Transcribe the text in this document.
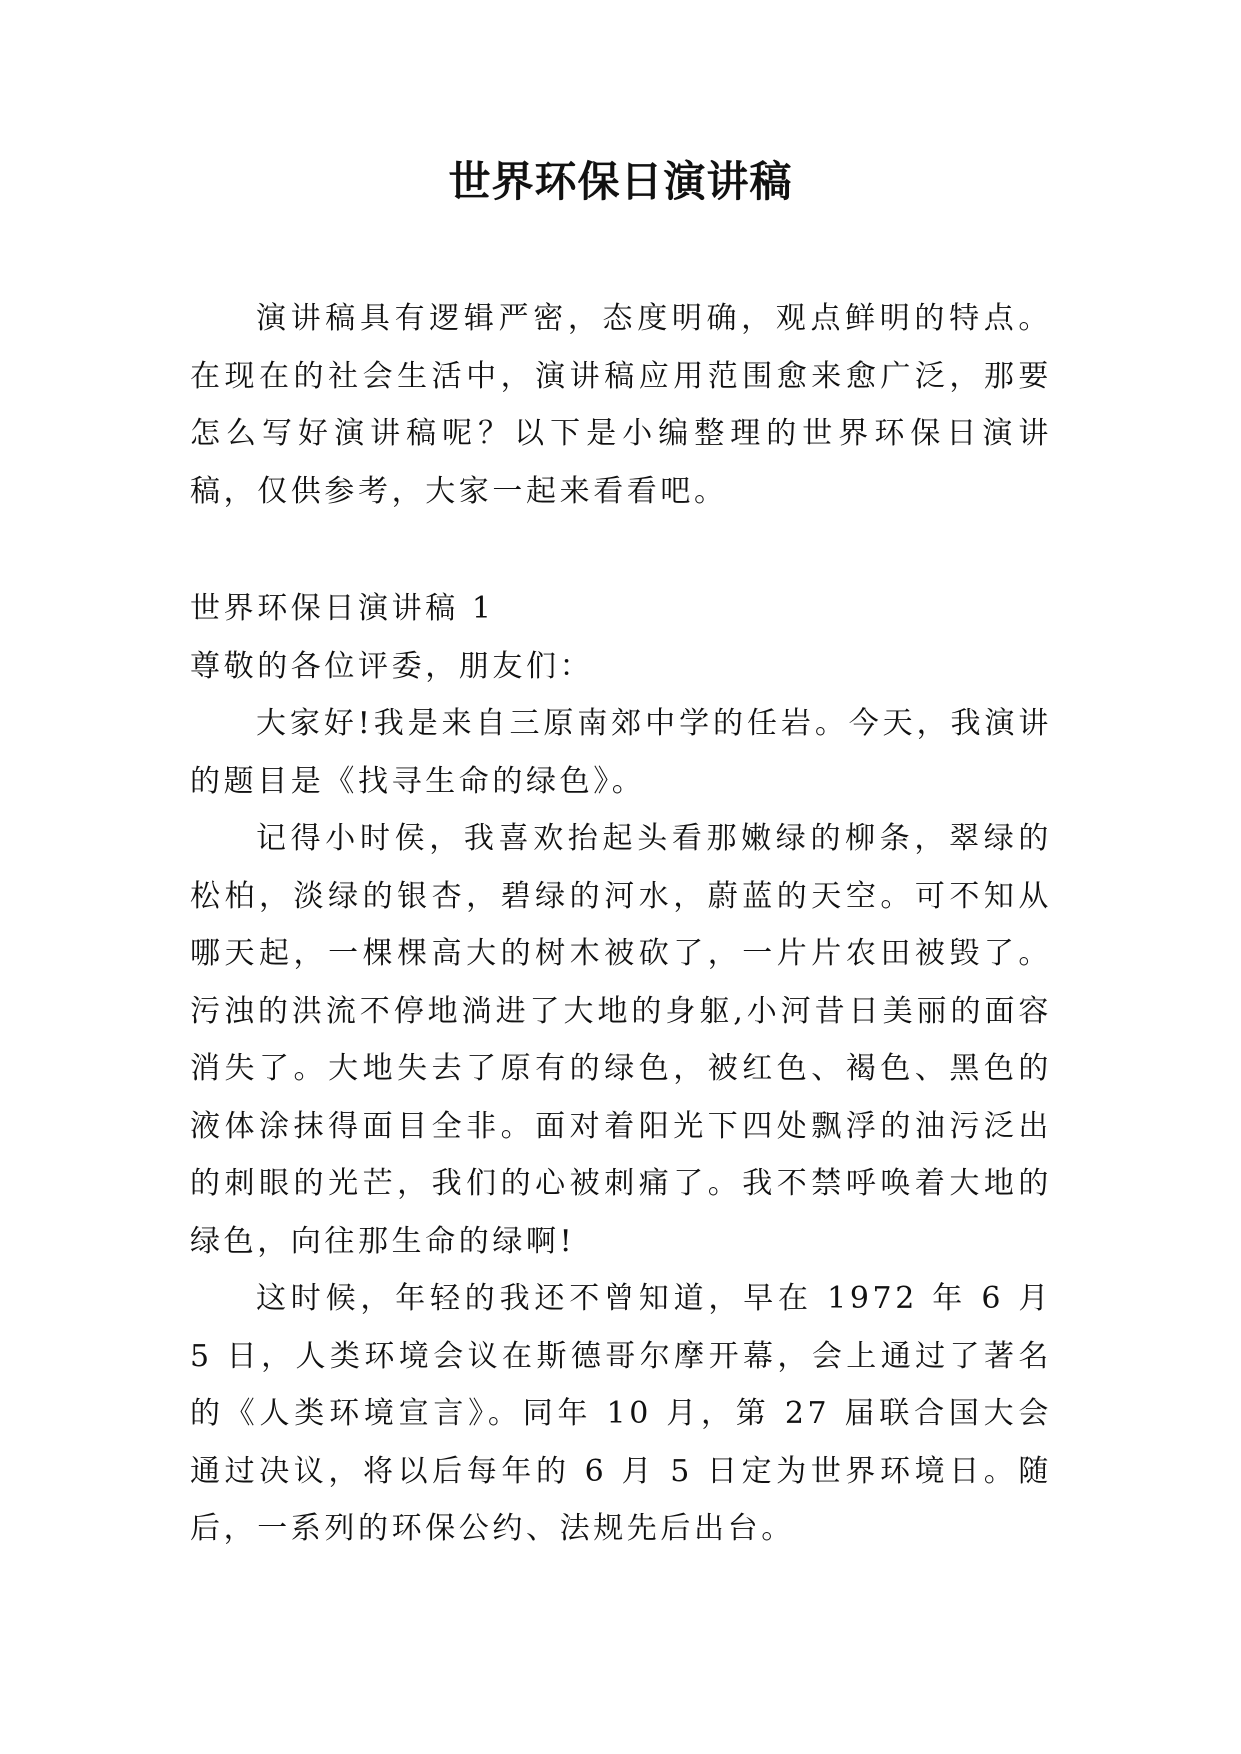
世界环保日演讲稿

演讲稿具有逻辑严密，态度明确，观点鲜明的特点。在现在的社会生活中，演讲稿应用范围愈来愈广泛，那要怎么写好演讲稿呢？以下是小编整理的世界环保日演讲稿，仅供参考，大家一起来看看吧。

世界环保日演讲稿 1

尊敬的各位评委，朋友们：

大家好!我是来自三原南郊中学的任岩。今天，我演讲的题目是《找寻生命的绿色》。

记得小时侯，我喜欢抬起头看那嫩绿的柳条，翠绿的松柏，淡绿的银杏，碧绿的河水，蔚蓝的天空。可不知从哪天起，一棵棵高大的树木被砍了，一片片农田被毁了。污浊的洪流不停地淌进了大地的身躯,小河昔日美丽的面容消失了。大地失去了原有的绿色，被红色、褐色、黑色的液体涂抹得面目全非。面对着阳光下四处飘浮的油污泛出的刺眼的光芒，我们的心被刺痛了。我不禁呼唤着大地的绿色，向往那生命的绿啊!

这时候，年轻的我还不曾知道，早在 1972 年 6 月 5 日，人类环境会议在斯德哥尔摩开幕，会上通过了著名的《人类环境宣言》。同年 10 月，第 27 届联合国大会通过决议，将以后每年的 6 月 5 日定为世界环境日。随后，一系列的环保公约、法规先后出台。
